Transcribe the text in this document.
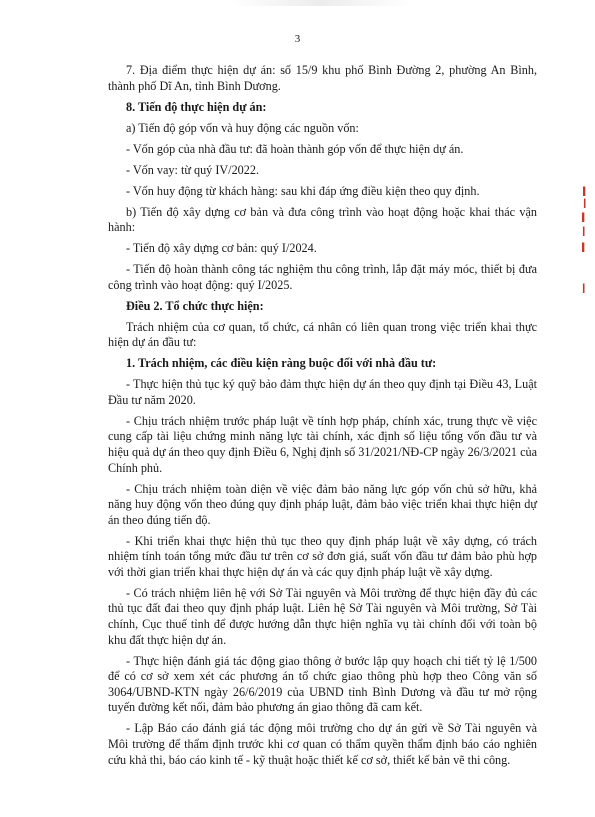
3

7. Địa điểm thực hiện dự án: số 15/9 khu phố Bình Đường 2, phường An Bình, thành phố Dĩ An, tỉnh Bình Dương.

8. Tiến độ thực hiện dự án:

a) Tiến độ góp vốn và huy động các nguồn vốn:

- Vốn góp của nhà đầu tư: đã hoàn thành góp vốn để thực hiện dự án.

- Vốn vay: từ quý IV/2022.

- Vốn huy động từ khách hàng: sau khi đáp ứng điều kiện theo quy định.

b) Tiến độ xây dựng cơ bản và đưa công trình vào hoạt động hoặc khai thác vận hành:

- Tiến độ xây dựng cơ bản: quý I/2024.

- Tiến độ hoàn thành công tác nghiệm thu công trình, lắp đặt máy móc, thiết bị đưa công trình vào hoạt động: quý I/2025.

Điều 2. Tổ chức thực hiện:

Trách nhiệm của cơ quan, tổ chức, cá nhân có liên quan trong việc triển khai thực hiện dự án đầu tư:

1. Trách nhiệm, các điều kiện ràng buộc đối với nhà đầu tư:

- Thực hiện thủ tục ký quỹ bảo đảm thực hiện dự án theo quy định tại Điều 43, Luật Đầu tư năm 2020.

- Chịu trách nhiệm trước pháp luật về tính hợp pháp, chính xác, trung thực về việc cung cấp tài liệu chứng minh năng lực tài chính, xác định số liệu tổng vốn đầu tư và hiệu quả dự án theo quy định Điều 6, Nghị định số 31/2021/NĐ-CP ngày 26/3/2021 của Chính phủ.

- Chịu trách nhiệm toàn diện về việc đảm bảo năng lực góp vốn chủ sở hữu, khả năng huy động vốn theo đúng quy định pháp luật, đảm bảo việc triển khai thực hiện dự án theo đúng tiến độ.

- Khi triển khai thực hiện thủ tục theo quy định pháp luật về xây dựng, có trách nhiệm tính toán tổng mức đầu tư trên cơ sở đơn giá, suất vốn đầu tư đảm bảo phù hợp với thời gian triển khai thực hiện dự án và các quy định pháp luật về xây dựng.

- Có trách nhiệm liên hệ với Sở Tài nguyên và Môi trường để thực hiện đầy đủ các thủ tục đất đai theo quy định pháp luật. Liên hệ Sở Tài nguyên và Môi trường, Sở Tài chính, Cục thuế tỉnh để được hướng dẫn thực hiện nghĩa vụ tài chính đối với toàn bộ khu đất thực hiện dự án.

- Thực hiện đánh giá tác động giao thông ở bước lập quy hoạch chi tiết tỷ lệ 1/500 để có cơ sở xem xét các phương án tổ chức giao thông phù hợp theo Công văn số 3064/UBND-KTN ngày 26/6/2019 của UBND tỉnh Bình Dương và đầu tư mở rộng tuyến đường kết nối, đảm bảo phương án giao thông đã cam kết.

- Lập Báo cáo đánh giá tác động môi trường cho dự án gửi về Sở Tài nguyên và Môi trường để thẩm định trước khi cơ quan có thẩm quyền thẩm định báo cáo nghiên cứu khả thi, báo cáo kinh tế - kỹ thuật hoặc thiết kế cơ sở, thiết kế bản vẽ thi công.

▍
▎
▍
▎
▍
▎
